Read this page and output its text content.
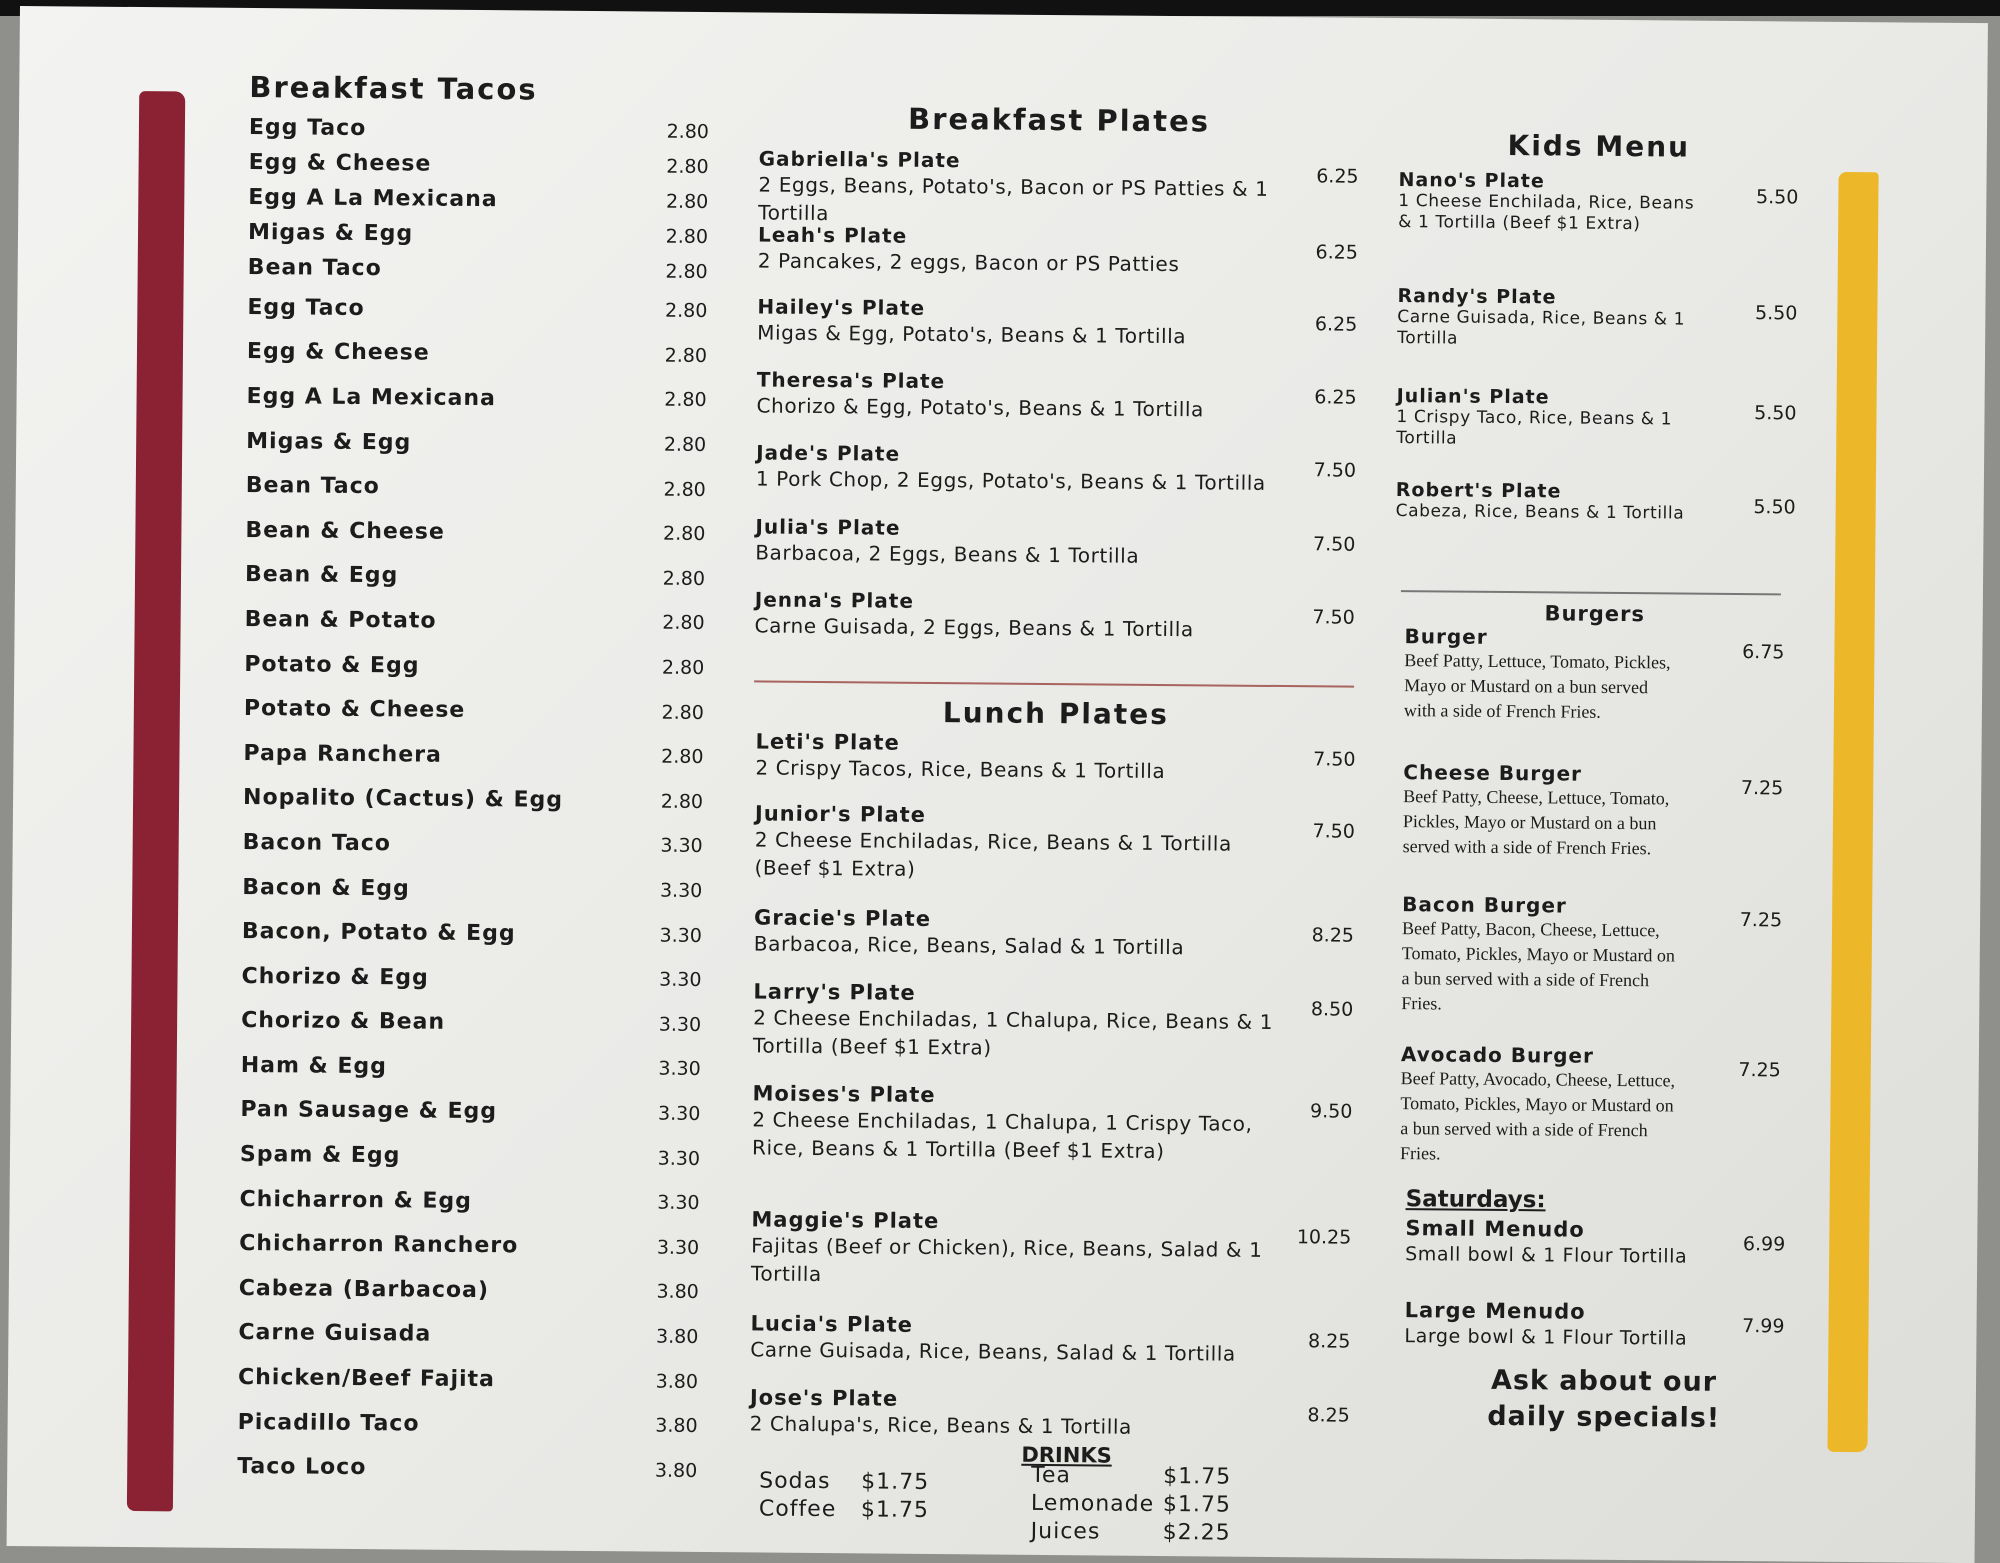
Breakfast Tacos
Egg Taco	2.80
Egg & Cheese	2.80
Egg A La Mexicana	2.80
Migas & Egg	2.80
Bean Taco	2.80
Egg Taco	2.80
Egg & Cheese	2.80
Egg A La Mexicana	2.80
Migas & Egg	2.80
Bean Taco	2.80
Bean & Cheese	2.80
Bean & Egg	2.80
Bean & Potato	2.80
Potato & Egg	2.80
Potato & Cheese	2.80
Papa Ranchera	2.80
Nopalito (Cactus) & Egg	2.80
Bacon Taco	3.30
Bacon & Egg	3.30
Bacon, Potato & Egg	3.30
Chorizo & Egg	3.30
Chorizo & Bean	3.30
Ham & Egg	3.30
Pan Sausage & Egg	3.30
Spam & Egg	3.30
Chicharron & Egg	3.30
Chicharron Ranchero	3.30
Cabeza (Barbacoa)	3.80
Carne Guisada	3.80
Chicken/Beef Fajita	3.80
Picadillo Taco	3.80
Taco Loco	3.80
Breakfast Plates
Gabriella's Plate
2 Eggs, Beans, Potato's, Bacon or PS Patties & 1 Tortilla
6.25
Leah's Plate
2 Pancakes, 2 eggs, Bacon or PS Patties	6.25
Hailey's Plate
Migas & Egg, Potato's, Beans & 1 Tortilla	6.25
Theresa's Plate
Chorizo & Egg, Potato's, Beans & 1 Tortilla	6.25
Jade's Plate
1 Pork Chop, 2 Eggs, Potato's, Beans & 1 Tortilla	7.50
Julia's Plate
Barbacoa, 2 Eggs, Beans & 1 Tortilla	7.50
Jenna's Plate
Carne Guisada, 2 Eggs, Beans & 1 Tortilla	7.50
Lunch Plates
Leti's Plate
2 Crispy Tacos, Rice, Beans & 1 Tortilla	7.50
Junior's Plate
2 Cheese Enchiladas, Rice, Beans & 1 Tortilla (Beef $1 Extra)
7.50
Gracie's Plate
Barbacoa, Rice, Beans, Salad & 1 Tortilla	8.25
Larry's Plate
2 Cheese Enchiladas, 1 Chalupa, Rice, Beans & 1 Tortilla (Beef $1 Extra)
8.50
Moises's Plate
2 Cheese Enchiladas, 1 Chalupa, 1 Crispy Taco, Rice, Beans & 1 Tortilla (Beef $1 Extra)
9.50
Maggie's Plate
Fajitas (Beef or Chicken), Rice, Beans, Salad & 1 Tortilla
10.25
Lucia's Plate
Carne Guisada, Rice, Beans, Salad & 1 Tortilla	8.25
Jose's Plate
2 Chalupa's, Rice, Beans & 1 Tortilla	8.25
DRINKS
Sodas $1.75
Coffee $1.75
Tea	$1.75
Lemonade $1.75
Juices	$2.25
Kids Menu
Nano's Plate
1 Cheese Enchilada, Rice, Beans & 1 Tortilla (Beef $1 Extra)
5.50
Randy's Plate
Carne Guisada, Rice, Beans & 1 Tortilla
5.50
Julian's Plate
1 Crispy Taco, Rice, Beans & 1 Tortilla
5.50
Robert's Plate
Cabeza, Rice, Beans & 1 Tortilla	5.50
Burgers
Burger
Beef Patty, Lettuce, Tomato, Pickles, Mayo or Mustard on a bun served with a side of French Fries.
6.75
Cheese Burger
Beef Patty, Cheese, Lettuce, Tomato, Pickles, Mayo or Mustard on a bun served with a side of French Fries.
7.25
Bacon Burger
Beef Patty, Bacon, Cheese, Lettuce, Tomato, Pickles, Mayo or Mustard on a bun served with a side of French Fries.
7.25
Avocado Burger
Beef Patty, Avocado, Cheese, Lettuce, Tomato, Pickles, Mayo or Mustard on a bun served with a side of French Fries.
7.25
Saturdays:
Small Menudo
Small bowl & 1 Flour Tortilla	6.99
Large Menudo
Large bowl & 1 Flour Tortilla	7.99
Ask about our daily specials!
